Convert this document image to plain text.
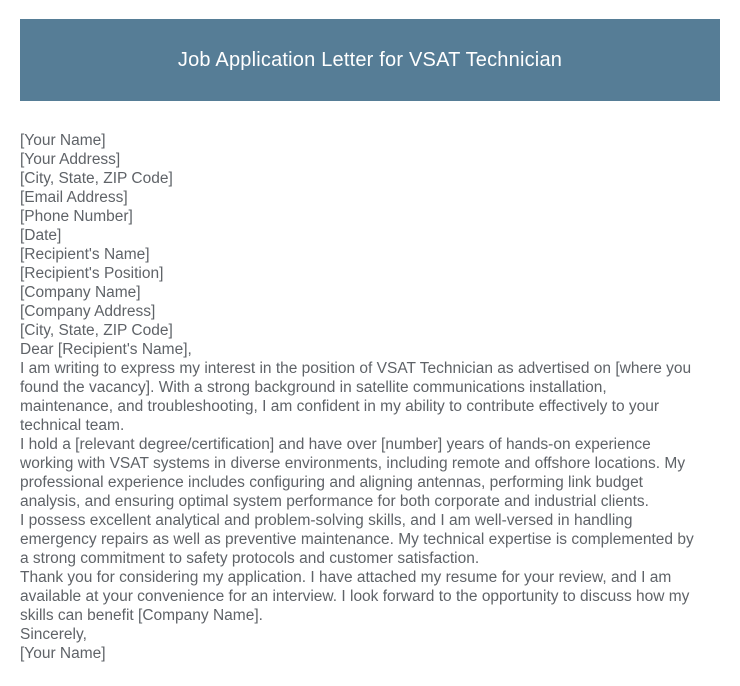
Job Application Letter for VSAT Technician
[Your Name]
[Your Address]
[City, State, ZIP Code]
[Email Address]
[Phone Number]
[Date]
[Recipient's Name]
[Recipient's Position]
[Company Name]
[Company Address]
[City, State, ZIP Code]
Dear [Recipient's Name],
I am writing to express my interest in the position of VSAT Technician as advertised on [where you
found the vacancy]. With a strong background in satellite communications installation,
maintenance, and troubleshooting, I am confident in my ability to contribute effectively to your
technical team.
I hold a [relevant degree/certification] and have over [number] years of hands-on experience
working with VSAT systems in diverse environments, including remote and offshore locations. My
professional experience includes configuring and aligning antennas, performing link budget
analysis, and ensuring optimal system performance for both corporate and industrial clients.
I possess excellent analytical and problem-solving skills, and I am well-versed in handling
emergency repairs as well as preventive maintenance. My technical expertise is complemented by
a strong commitment to safety protocols and customer satisfaction.
Thank you for considering my application. I have attached my resume for your review, and I am
available at your convenience for an interview. I look forward to the opportunity to discuss how my
skills can benefit [Company Name].
Sincerely,
[Your Name]
